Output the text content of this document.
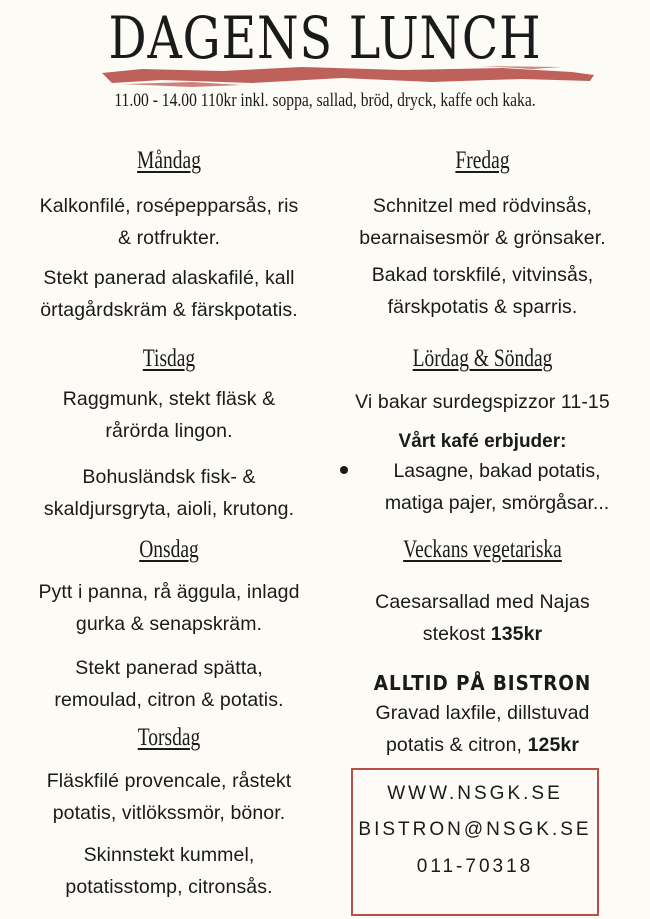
DAGENS LUNCH
11.00 - 14.00 110kr inkl. soppa, sallad, bröd, dryck, kaffe och kaka.
Måndag
Kalkonfilé, rosépepparsås, ris
& rotfrukter.
Stekt panerad alaskafilé, kall
örtagårdskräm & färskpotatis.
Tisdag
Raggmunk, stekt fläsk &
rårörda lingon.
Bohusländsk fisk- &
skaldjursgryta, aioli, krutong.
Onsdag
Pytt i panna, rå äggula, inlagd
gurka & senapskräm.
Stekt panerad spätta,
remoulad, citron & potatis.
Torsdag
Fläskfilé provencale, råstekt
potatis, vitlökssmör, bönor.
Skinnstekt kummel,
potatisstomp, citronsås.
Fredag
Schnitzel med rödvinsås,
bearnaisesmör & grönsaker.
Bakad torskfilé, vitvinsås,
färskpotatis & sparris.
Lördag & Söndag
Vi bakar surdegspizzor 11-15
Vårt kafé erbjuder:
Lasagne, bakad potatis,
matiga pajer, smörgåsar...
Veckans vegetariska
Caesarsallad med Najas
stekost 135kr
ALLTID PÅ BISTRON
Gravad laxfile, dillstuvad
potatis & citron, 125kr
WWW.NSGK.SE
BISTRON@NSGK.SE
011-70318
